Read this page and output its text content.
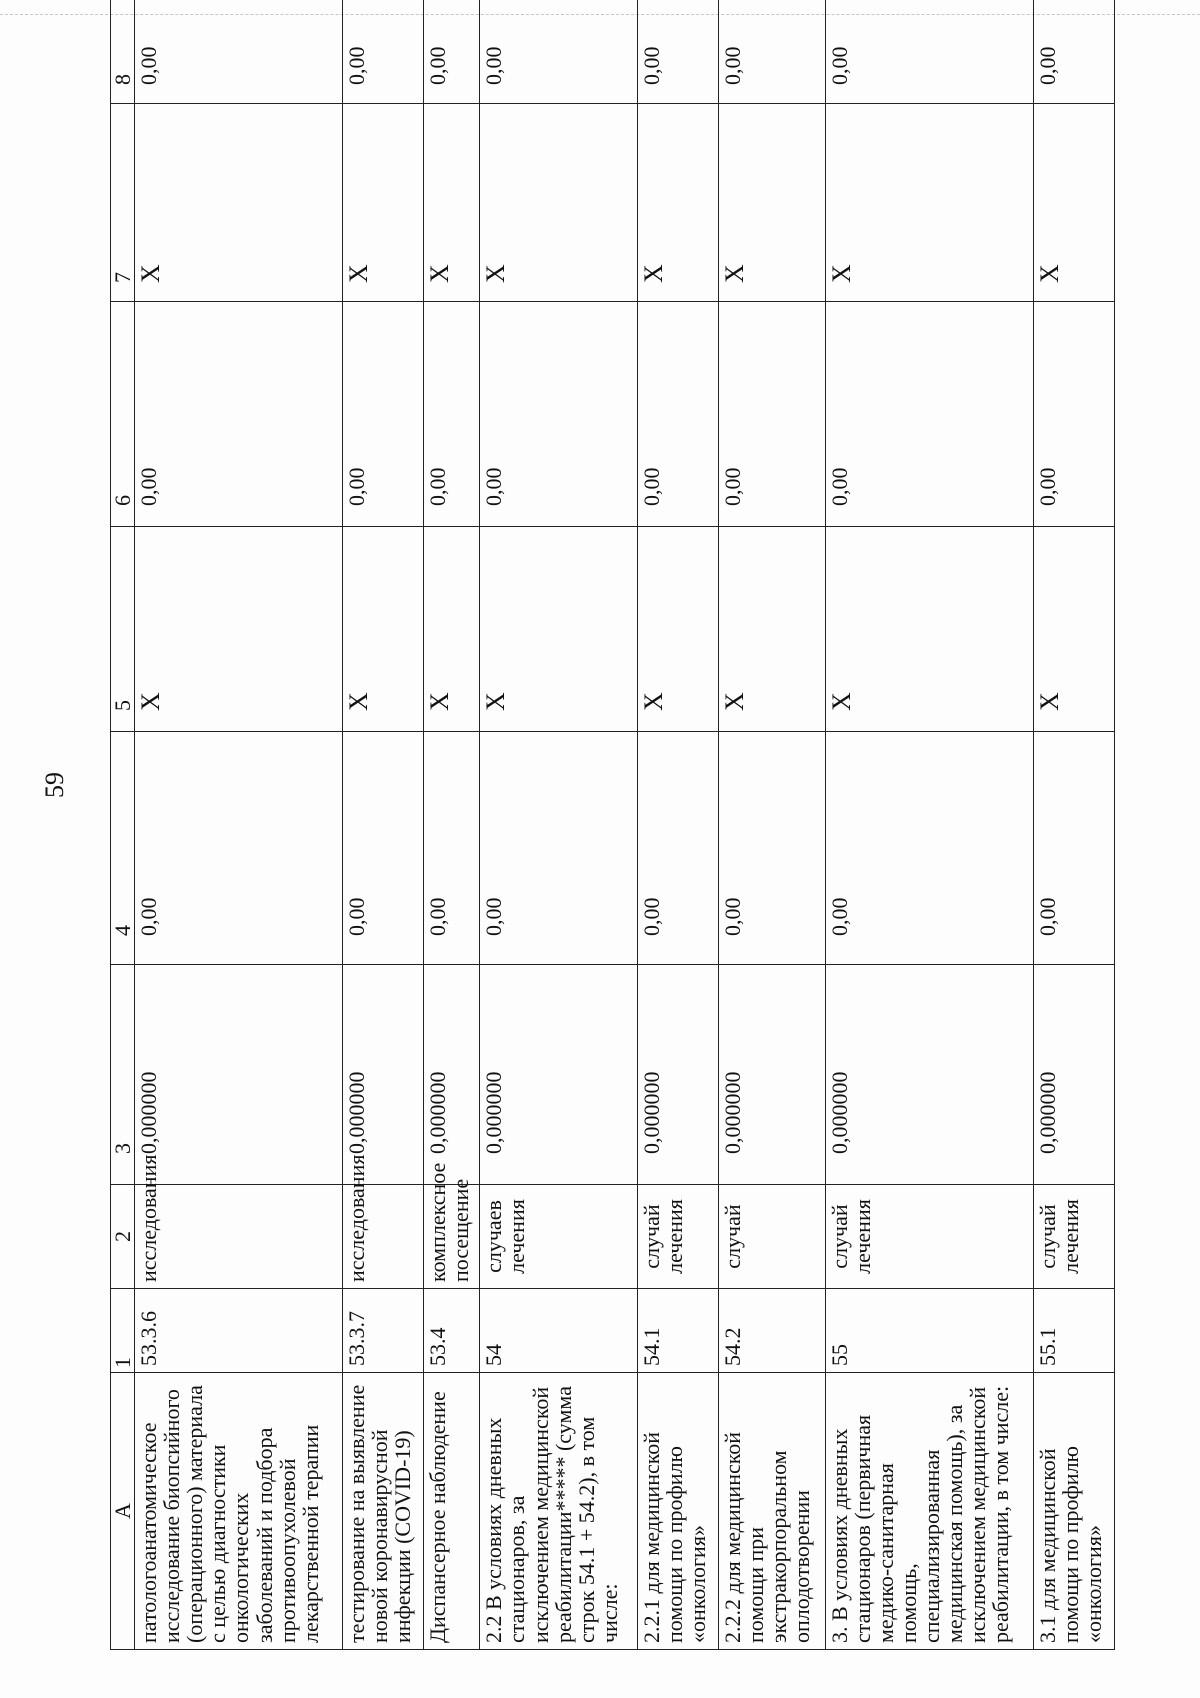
59
A	1	2	3	4	5	6	7	8	
патологоанатомическое исследование биопсийного (операционного) материала с целью диагностики онкологических заболеваний и подбора противоопухолевой лекарственной терапии	53.3.6	исследования	0,000000	0,00	X	0,00	X	0,00	
тестирование на выявление новой коронавирусной инфекции (COVID-19)	53.3.7	исследования	0,000000	0,00	X	0,00	X	0,00	
Диспансерное наблюдение	53.4	комплексное посещение	0,000000	0,00	X	0,00	X	0,00	
2.2 В условиях дневных стационаров, за исключением медицинской реабилитации***** (сумма строк 54.1 + 54.2), в том числе:	54	случаев лечения	0,000000	0,00	X	0,00	X	0,00	
2.2.1 для медицинской помощи по профилю «онкология»	54.1	случай лечения	0,000000	0,00	X	0,00	X	0,00	
2.2.2 для медицинской помощи при экстракорпоральном оплодотворении	54.2	случай	0,000000	0,00	X	0,00	X	0,00	
3. В условиях дневных стационаров (первичная медико-санитарная помощь, специализированная медицинская помощь), за исключением медицинской реабилитации, в том числе:	55	случай лечения	0,000000	0,00	X	0,00	X	0,00	
3.1 для медицинской помощи по профилю «онкология»	55.1	случай лечения	0,000000	0,00	X	0,00	X	0,00	
